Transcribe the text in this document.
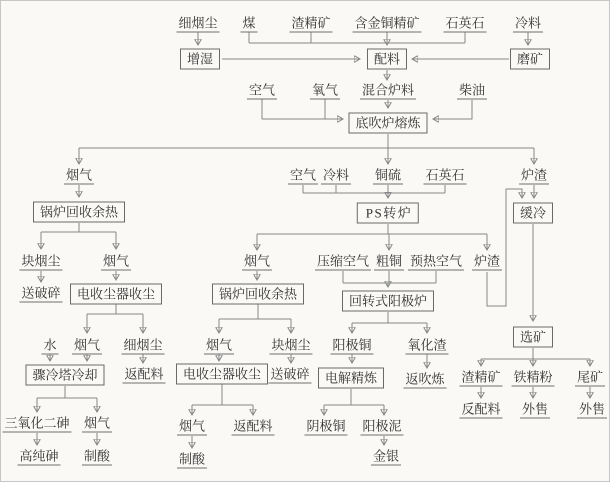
细烟尘 煤	渣精矿 含金铜精矿 石英石 冷料
增湿	配料	磨矿
空气	氧气 混合炉料	柴油
底吹炉熔炼
烟气	空气 冷料 铜硫 石英石	炉渣
锅炉回收余热	PS转炉	缓冷
块烟尘	烟气	烟气	压缩空气 粗铜 预热空气 炉渣
送破碎	电收尘器收尘	锅炉回收余热	回转式阳极炉
水 烟气 细烟尘	烟气	块烟尘 阳极铜	氧化渣
选矿
骤冷塔冷却	返配料	电收尘器收尘 送破碎	电解精炼	返吹炼 渣精矿 铁精粉 尾矿
反配料 外售 外售
三氧化二砷 烟气	烟气 返配料	阴极铜 阳极泥
高纯砷 制酸	制酸	金银
